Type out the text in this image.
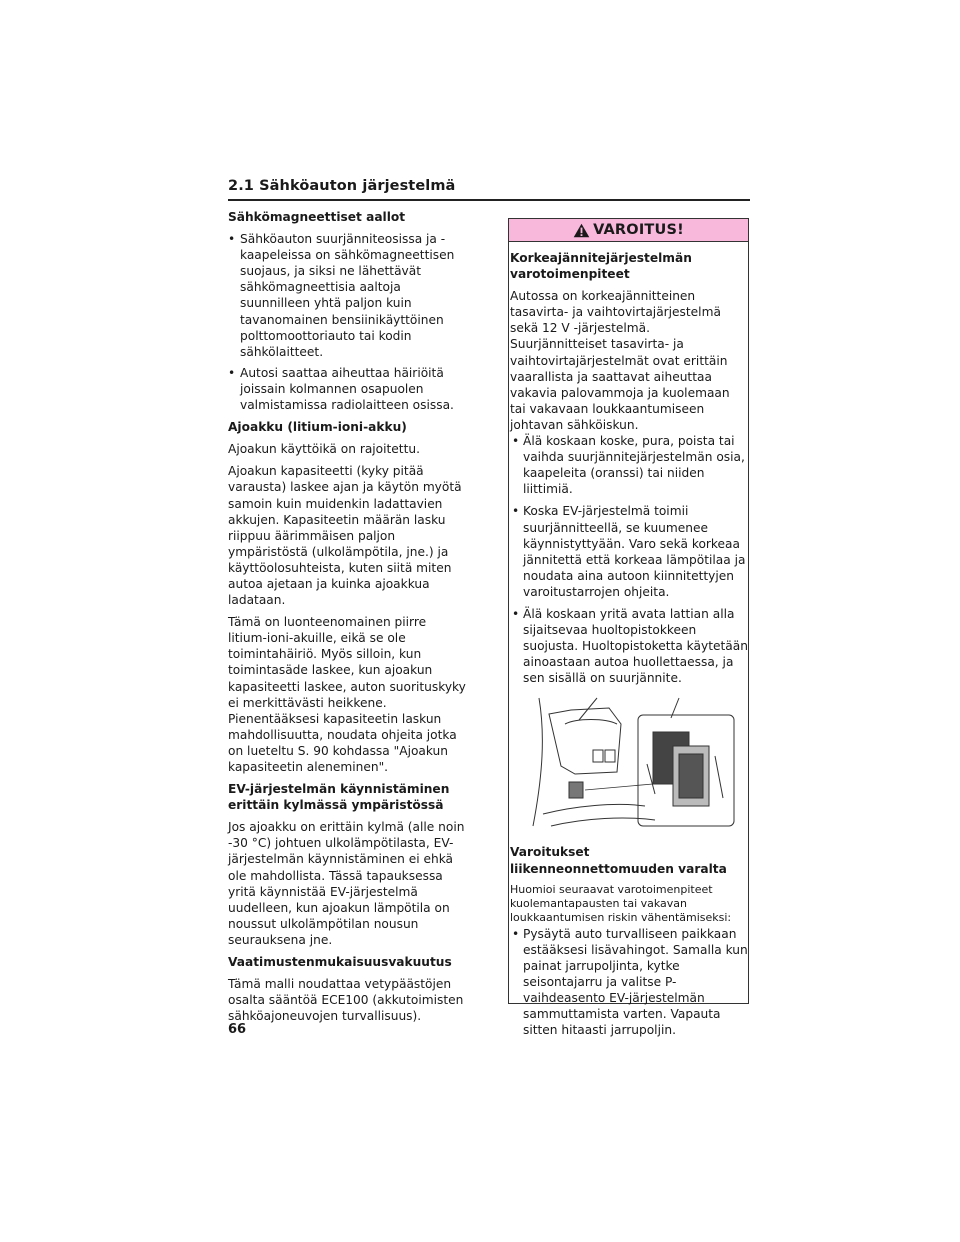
2.1 Sähköauton järjestelmä
Sähkömagneettiset aallot
• Sähköauton suurjänniteosissa ja -kaapeleissa on sähkömagneettisen suojaus, ja siksi ne lähettävät sähkömagneettisia aaltoja suunnilleen yhtä paljon kuin tavanomainen bensiinikäyttöinen polttomoottoriauto tai kodin sähkölaitteet.
• Autosi saattaa aiheuttaa häiriöitä joissain kolmannen osapuolen valmistamissa radiolaitteen osissa.
Ajoakku (litium-ioni-akku)
Ajoakun käyttöikä on rajoitettu.
Ajoakun kapasiteetti (kyky pitää varausta) laskee ajan ja käytön myötä samoin kuin muidenkin ladattavien akkujen. Kapasiteetin määrän lasku riippuu äärimmäisen paljon ympäristöstä (ulkolämpötila, jne.) ja käyttöolosuhteista, kuten siitä miten autoa ajetaan ja kuinka ajoakkua ladataan.
Tämä on luonteenomainen piirre litium-ioni-akuille, eikä se ole toimintahäiriö. Myös silloin, kun toimintasäde laskee, kun ajoakun kapasiteetti laskee, auton suorituskyky ei merkittävästi heikkene. Pienentääksesi kapasiteetin laskun mahdollisuutta, noudata ohjeita jotka on lueteltu S. 90 kohdassa "Ajoakun kapasiteetin aleneminen".
EV-järjestelmän käynnistäminen erittäin kylmässä ympäristössä
Jos ajoakku on erittäin kylmä (alle noin -30 °C) johtuen ulkolämpötilasta, EV-järjestelmän käynnistäminen ei ehkä ole mahdollista. Tässä tapauksessa yritä käynnistää EV-järjestelmä uudelleen, kun ajoakun lämpötila on noussut ulkolämpötilan nousun seurauksena jne.
Vaatimustenmukaisuusvakuutus
Tämä malli noudattaa vetypäästöjen osalta sääntöä ECE100 (akkutoimisten sähköajoneuvojen turvallisuus).
VAROITUS!
Korkeajännitejärjestelmän varotoimenpiteet
Autossa on korkeajännitteinen tasavirta- ja vaihtovirtajärjestelmä sekä 12 V -järjestelmä. Suurjännitteiset tasavirta- ja vaihtovirtajärjestelmät ovat erittäin vaarallista ja saattavat aiheuttaa vakavia palovammoja ja kuolemaan tai vakavaan loukkaantumiseen johtavan sähköiskun.
• Älä koskaan koske, pura, poista tai vaihda suurjännitejärjestelmän osia, kaapeleita (oranssi) tai niiden liittimiä.
• Koska EV-järjestelmä toimii suurjännitteellä, se kuumenee käynnistyttyään. Varo sekä korkeaa jännitettä että korkeaa lämpötilaa ja noudata aina autoon kiinnitettyjen varoitustarrojen ohjeita.
• Älä koskaan yritä avata lattian alla sijaitsevaa huoltopistokkeen suojusta. Huoltopistoketta käytetään ainoastaan autoa huollettaessa, ja sen sisällä on suurjännite.
Varoitukset liikenneonnettomuuden varalta
Huomioi seuraavat varotoimenpiteet kuolemantapausten tai vakavan loukkaantumisen riskin vähentämiseksi:
• Pysäytä auto turvalliseen paikkaan estääksesi lisävahingot. Samalla kun painat jarrupoljinta, kytke seisontajarru ja valitse P-vaihdeasento EV-järjestelmän sammuttamista varten. Vapauta sitten hitaasti jarrupoljin.
66
